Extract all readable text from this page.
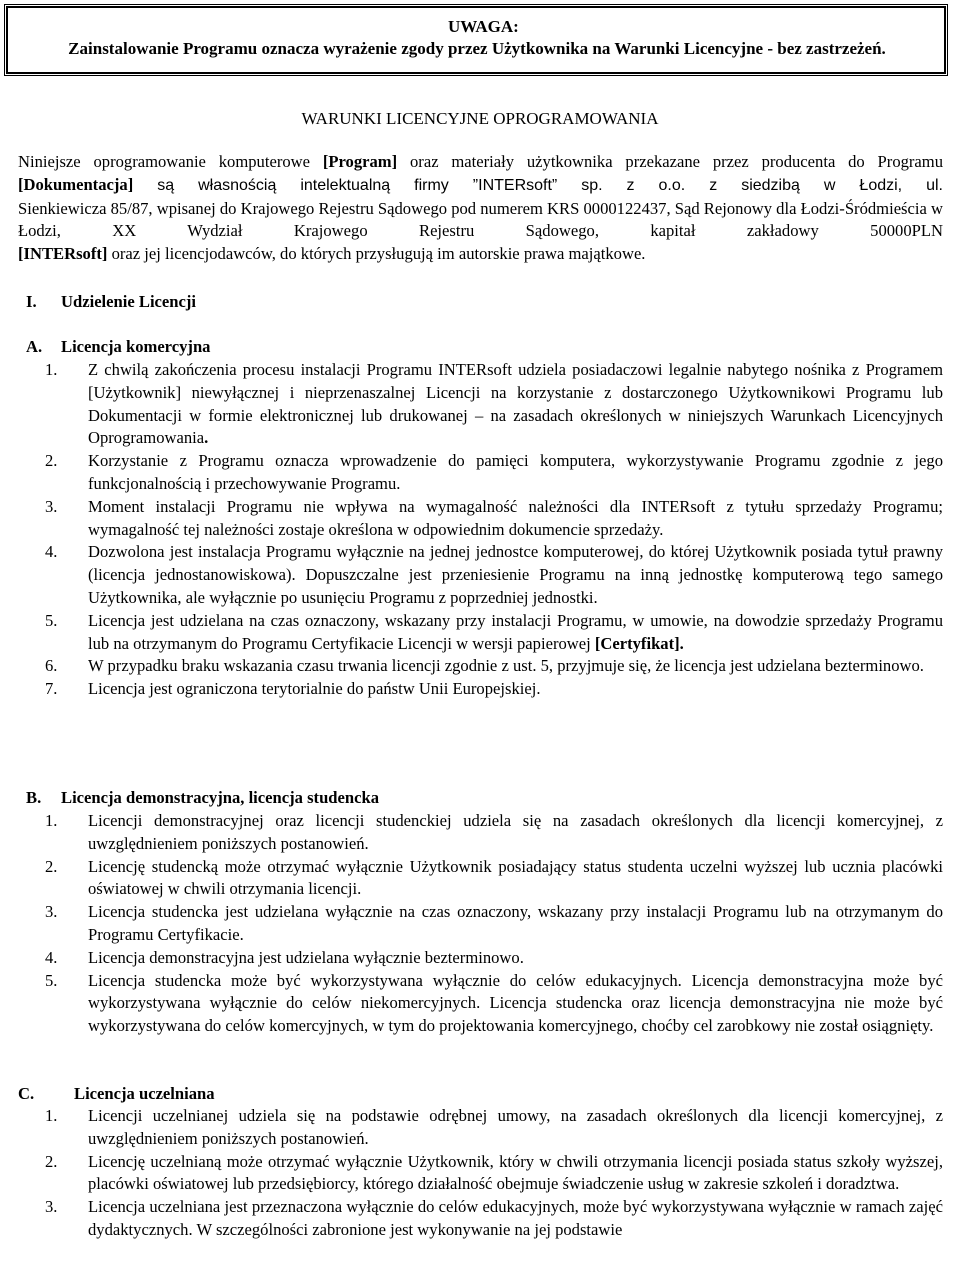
UWAGA:
Zainstalowanie Programu oznacza wyrażenie zgody przez Użytkownika na Warunki Licencyjne - bez zastrzeżeń.
WARUNKI LICENCYJNE OPROGRAMOWANIA

Niniejsze oprogramowanie komputerowe [Program] oraz materiały użytkownika przekazane przez producenta do Programu [Dokumentacja] są własnością intelektualną firmy ”INTERsoft” sp. z o.o. z siedzibą w Łodzi, ul.

Sienkiewicza 85/87, wpisanej do Krajowego Rejestru Sądowego pod numerem KRS 0000122437, Sąd Rejonowy dla Łodzi-Śródmieścia w Łodzi, XX Wydział Krajowego Rejestru Sądowego, kapitał zakładowy 50000PLN

[INTERsoft] oraz jej licencjodawców, do których przysługują im autorskie prawa majątkowe.

I. Udzielenie Licencji
A. Licencja komercyjna
1. Z chwilą zakończenia procesu instalacji Programu INTERsoft udziela posiadaczowi legalnie nabytego nośnika z Programem [Użytkownik] niewyłącznej i nieprzenaszalnej Licencji na korzystanie z dostarczonego Użytkownikowi Programu lub Dokumentacji w formie elektronicznej lub drukowanej – na zasadach określonych w niniejszych Warunkach Licencyjnych Oprogramowania.
2. Korzystanie z Programu oznacza wprowadzenie do pamięci komputera, wykorzystywanie Programu zgodnie z jego funkcjonalnością i przechowywanie Programu.
3. Moment instalacji Programu nie wpływa na wymagalność należności dla INTERsoft z tytułu sprzedaży Programu; wymagalność tej należności zostaje określona w odpowiednim dokumencie sprzedaży.
4. Dozwolona jest instalacja Programu wyłącznie na jednej jednostce komputerowej, do której Użytkownik posiada tytuł prawny (licencja jednostanowiskowa). Dopuszczalne jest przeniesienie Programu na inną jednostkę komputerową tego samego Użytkownika, ale wyłącznie po usunięciu Programu z poprzedniej jednostki.
5. Licencja jest udzielana na czas oznaczony, wskazany przy instalacji Programu, w umowie, na dowodzie sprzedaży Programu lub na otrzymanym do Programu Certyfikacie Licencji w wersji papierowej [Certyfikat].
6. W przypadku braku wskazania czasu trwania licencji zgodnie z ust. 5, przyjmuje się, że licencja jest udzielana bezterminowo.
7. Licencja jest ograniczona terytorialnie do państw Unii Europejskiej.
B. Licencja demonstracyjna, licencja studencka
1. Licencji demonstracyjnej oraz licencji studenckiej udziela się na zasadach określonych dla licencji komercyjnej, z uwzględnieniem poniższych postanowień.
2. Licencję studencką może otrzymać wyłącznie Użytkownik posiadający status studenta uczelni wyższej lub ucznia placówki oświatowej w chwili otrzymania licencji.
3. Licencja studencka jest udzielana wyłącznie na czas oznaczony, wskazany przy instalacji Programu lub na otrzymanym do Programu Certyfikacie.
4. Licencja demonstracyjna jest udzielana wyłącznie bezterminowo.
5. Licencja studencka może być wykorzystywana wyłącznie do celów edukacyjnych. Licencja demonstracyjna może być wykorzystywana wyłącznie do celów niekomercyjnych. Licencja studencka oraz licencja demonstracyjna nie może być wykorzystywana do celów komercyjnych, w tym do projektowania komercyjnego, choćby cel zarobkowy nie został osiągnięty.
C. Licencja uczelniana
1. Licencji uczelnianej udziela się na podstawie odrębnej umowy, na zasadach określonych dla licencji komercyjnej, z uwzględnieniem poniższych postanowień.
2. Licencję uczelnianą może otrzymać wyłącznie Użytkownik, który w chwili otrzymania licencji posiada status szkoły wyższej, placówki oświatowej lub przedsiębiorcy, którego działalność obejmuje świadczenie usług w zakresie szkoleń i doradztwa.
3. Licencja uczelniana jest przeznaczona wyłącznie do celów edukacyjnych, może być wykorzystywana wyłącznie w ramach zajęć dydaktycznych. W szczególności zabronione jest wykonywanie na jej podstawie
